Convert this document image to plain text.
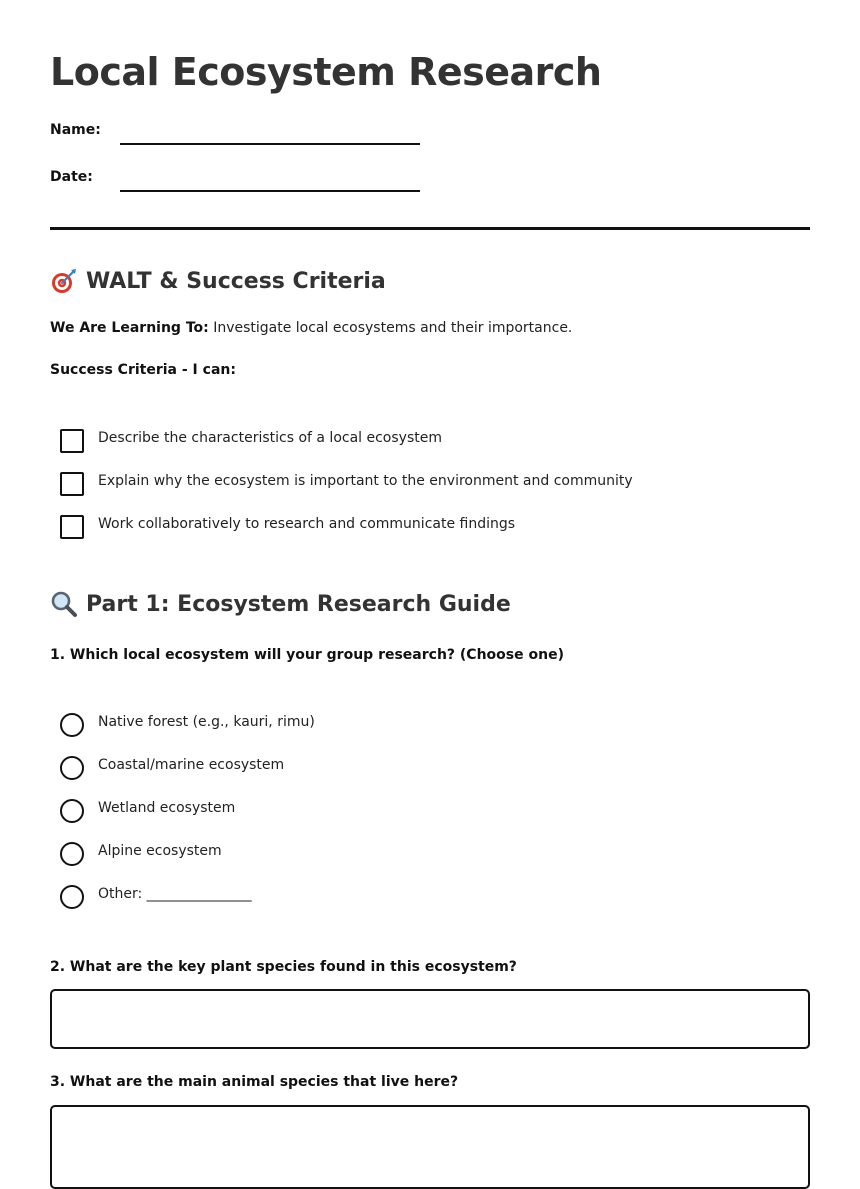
Local Ecosystem Research
Name:
Date:
WALT & Success Criteria
We Are Learning To: Investigate local ecosystems and their importance.
Success Criteria - I can:
Describe the characteristics of a local ecosystem
Explain why the ecosystem is important to the environment and community
Work collaboratively to research and communicate findings
Part 1: Ecosystem Research Guide
1. Which local ecosystem will your group research? (Choose one)
Native forest (e.g., kauri, rimu)
Coastal/marine ecosystem
Wetland ecosystem
Alpine ecosystem
Other: _______________
2. What are the key plant species found in this ecosystem?
3. What are the main animal species that live here?
